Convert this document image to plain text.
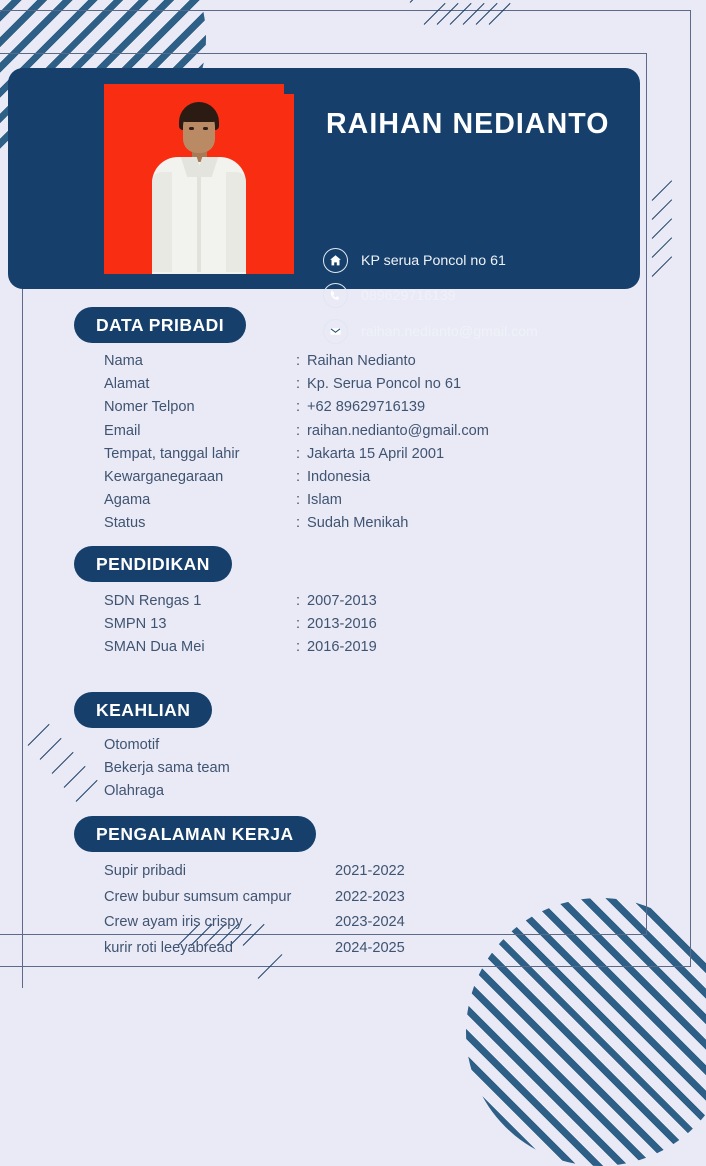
RAIHAN NEDIANTO
KP serua Poncol no 61
089629716139
raihan.nedianto@gmail.com
DATA PRIBADI
Nama	: Raihan Nedianto
Alamat	: Kp. Serua Poncol no 61
Nomer Telpon	: +62 89629716139
Email	: raihan.nedianto@gmail.com
Tempat, tanggal lahir	: Jakarta 15 April 2001
Kewarganegaraan	: Indonesia
Agama	: Islam
Status	: Sudah Menikah
PENDIDIKAN
SDN Rengas 1	: 2007-2013
SMPN 13	: 2013-2016
SMAN Dua Mei	: 2016-2019
KEAHLIAN
Otomotif
Bekerja sama team
Olahraga
PENGALAMAN KERJA
Supir pribadi	2021-2022
Crew bubur sumsum campur	2022-2023
Crew ayam iris crispy	2023-2024
kurir roti leeyabread	2024-2025
